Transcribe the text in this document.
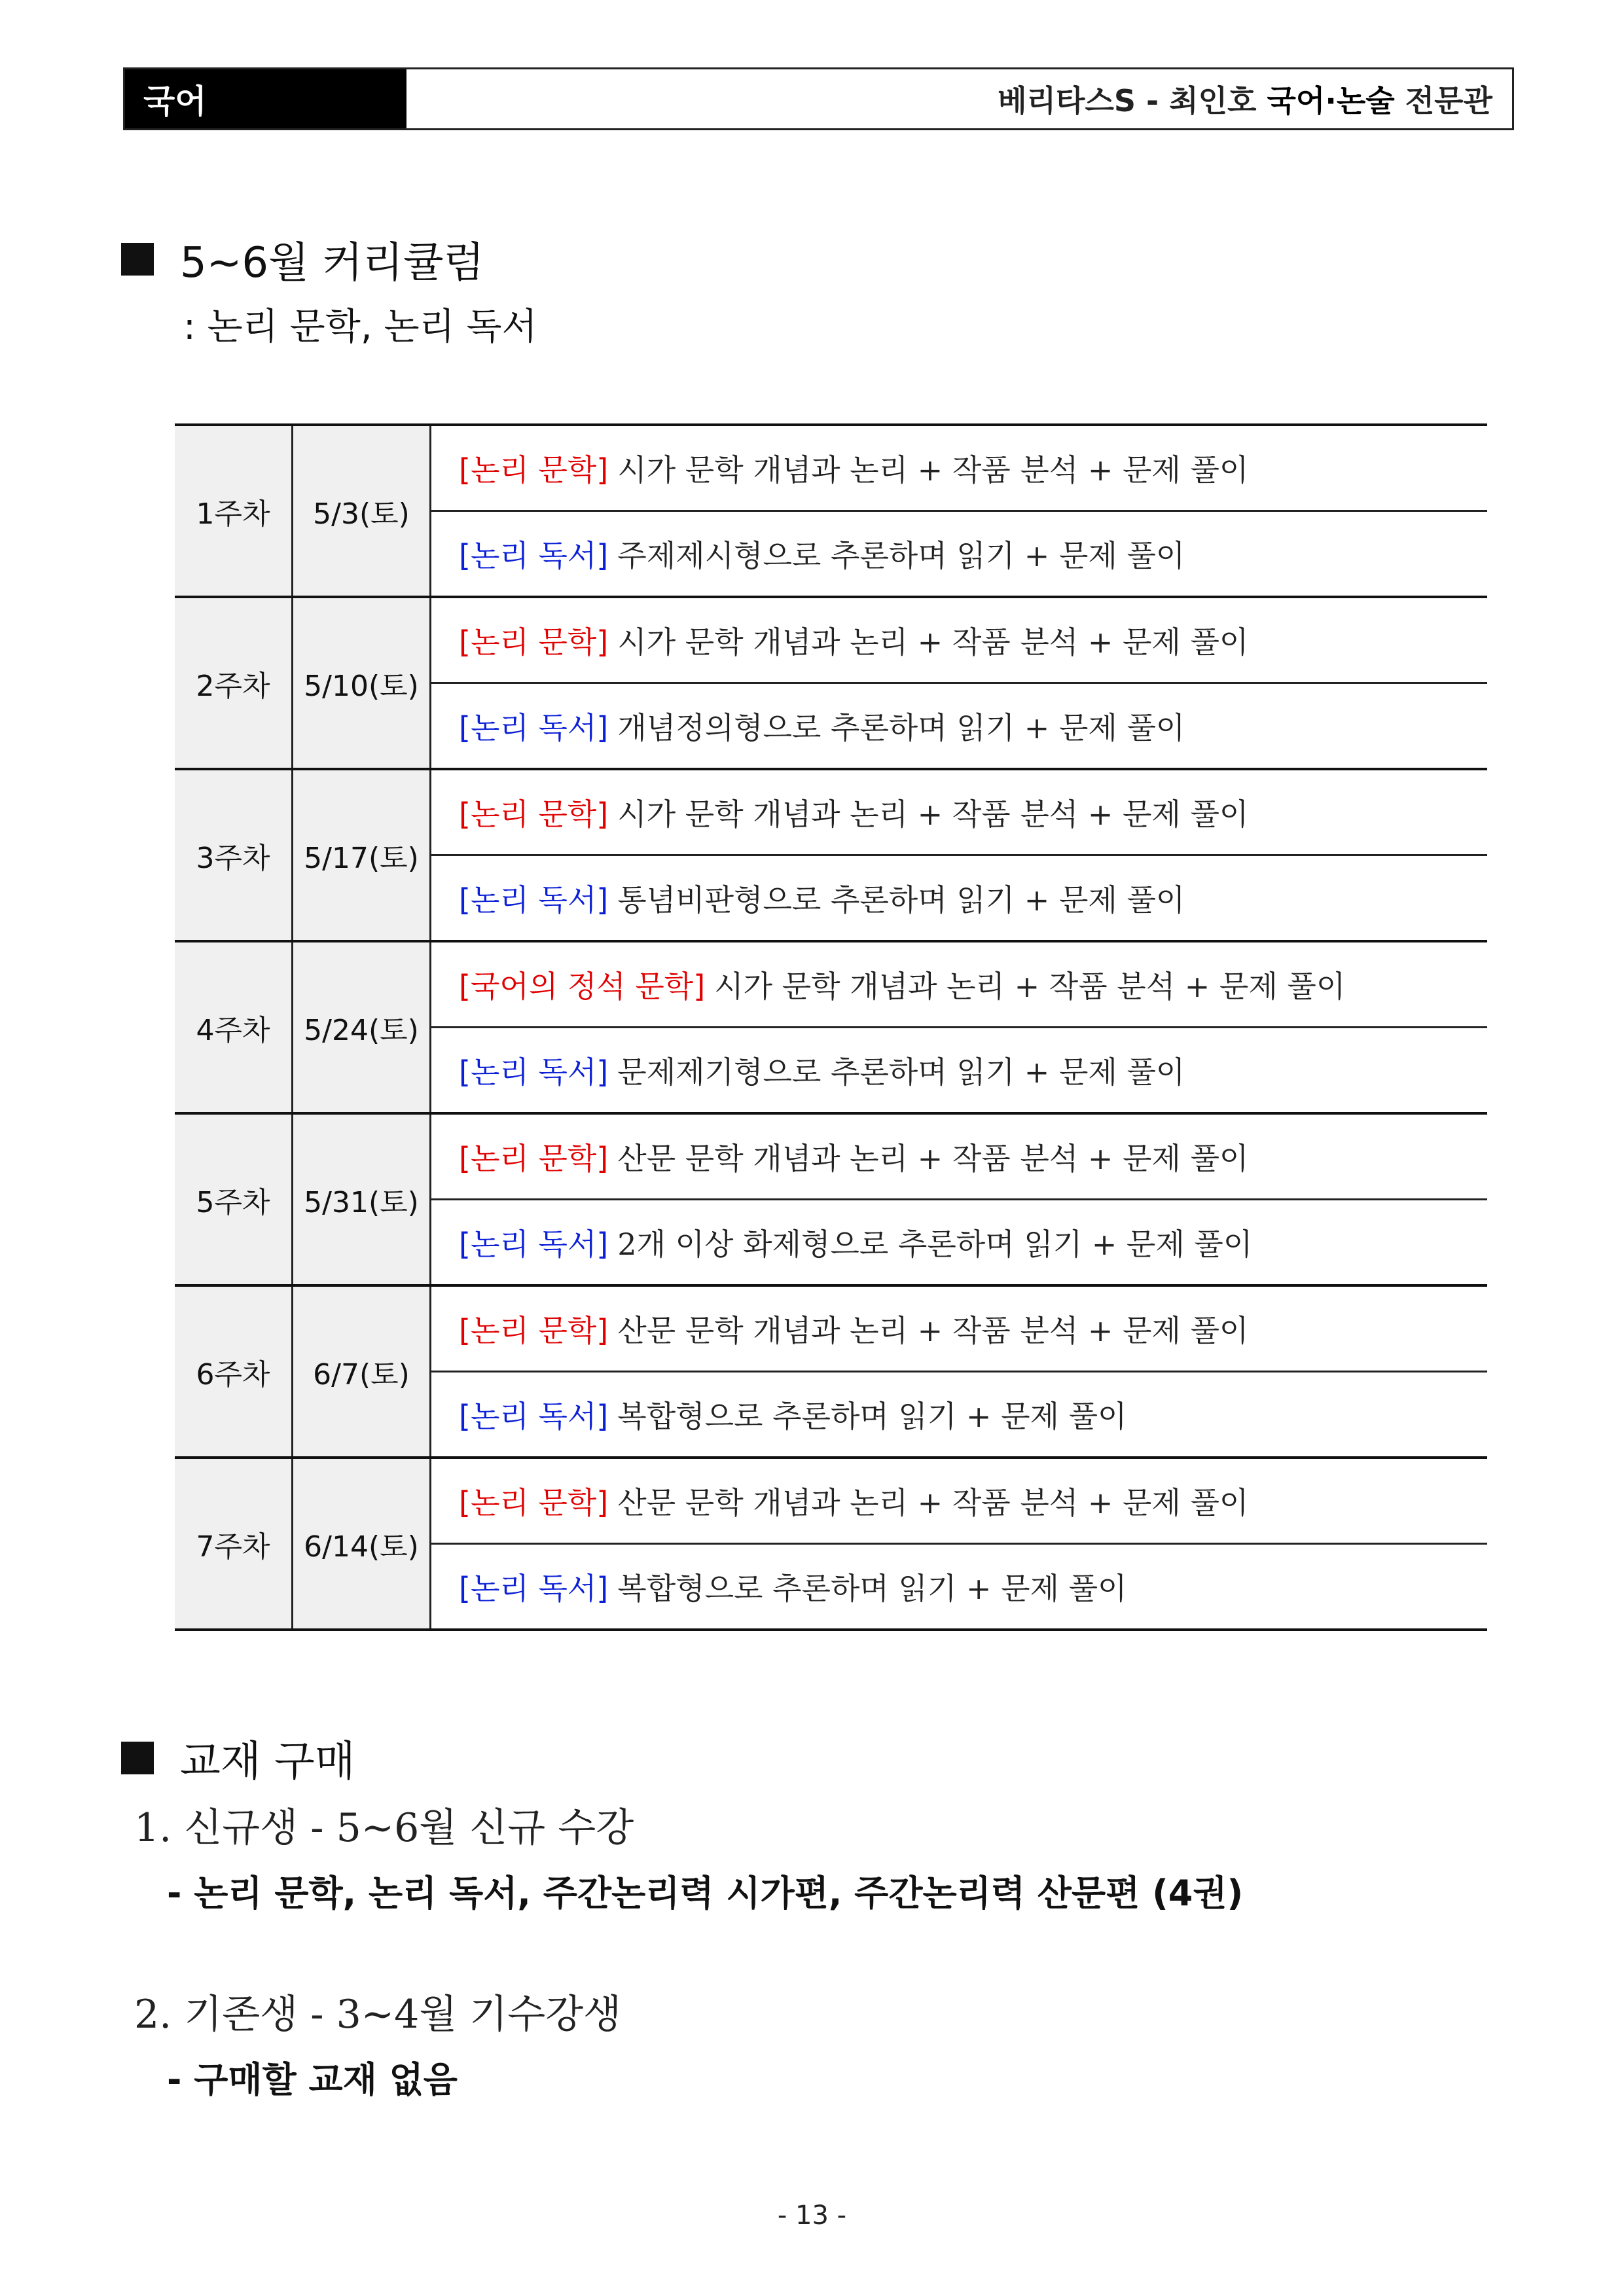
국어	베리타스S - 최인호 국어·논술 전문관
5~6월 커리큘럼
: 논리 문학, 논리 독서
1주차	5/3(토)	[논리 문학] 시가 문학 개념과 논리 + 작품 분석 + 문제 풀이
		[논리 독서] 주제제시형으로 추론하며 읽기 + 문제 풀이
2주차	5/10(토)	[논리 문학] 시가 문학 개념과 논리 + 작품 분석 + 문제 풀이
		[논리 독서] 개념정의형으로 추론하며 읽기 + 문제 풀이
3주차	5/17(토)	[논리 문학] 시가 문학 개념과 논리 + 작품 분석 + 문제 풀이
		[논리 독서] 통념비판형으로 추론하며 읽기 + 문제 풀이
4주차	5/24(토)	[국어의 정석 문학] 시가 문학 개념과 논리 + 작품 분석 + 문제 풀이
		[논리 독서] 문제제기형으로 추론하며 읽기 + 문제 풀이
5주차	5/31(토)	[논리 문학] 산문 문학 개념과 논리 + 작품 분석 + 문제 풀이
		[논리 독서] 2개 이상 화제형으로 추론하며 읽기 + 문제 풀이
6주차	6/7(토)	[논리 문학] 산문 문학 개념과 논리 + 작품 분석 + 문제 풀이
		[논리 독서] 복합형으로 추론하며 읽기 + 문제 풀이
7주차	6/14(토)	[논리 문학] 산문 문학 개념과 논리 + 작품 분석 + 문제 풀이
		[논리 독서] 복합형으로 추론하며 읽기 + 문제 풀이
교재 구매
1. 신규생 - 5~6월 신규 수강
- 논리 문학, 논리 독서, 주간논리력 시가편, 주간논리력 산문편 (4권)
2. 기존생 - 3~4월 기수강생
- 구매할 교재 없음
- 13 -
